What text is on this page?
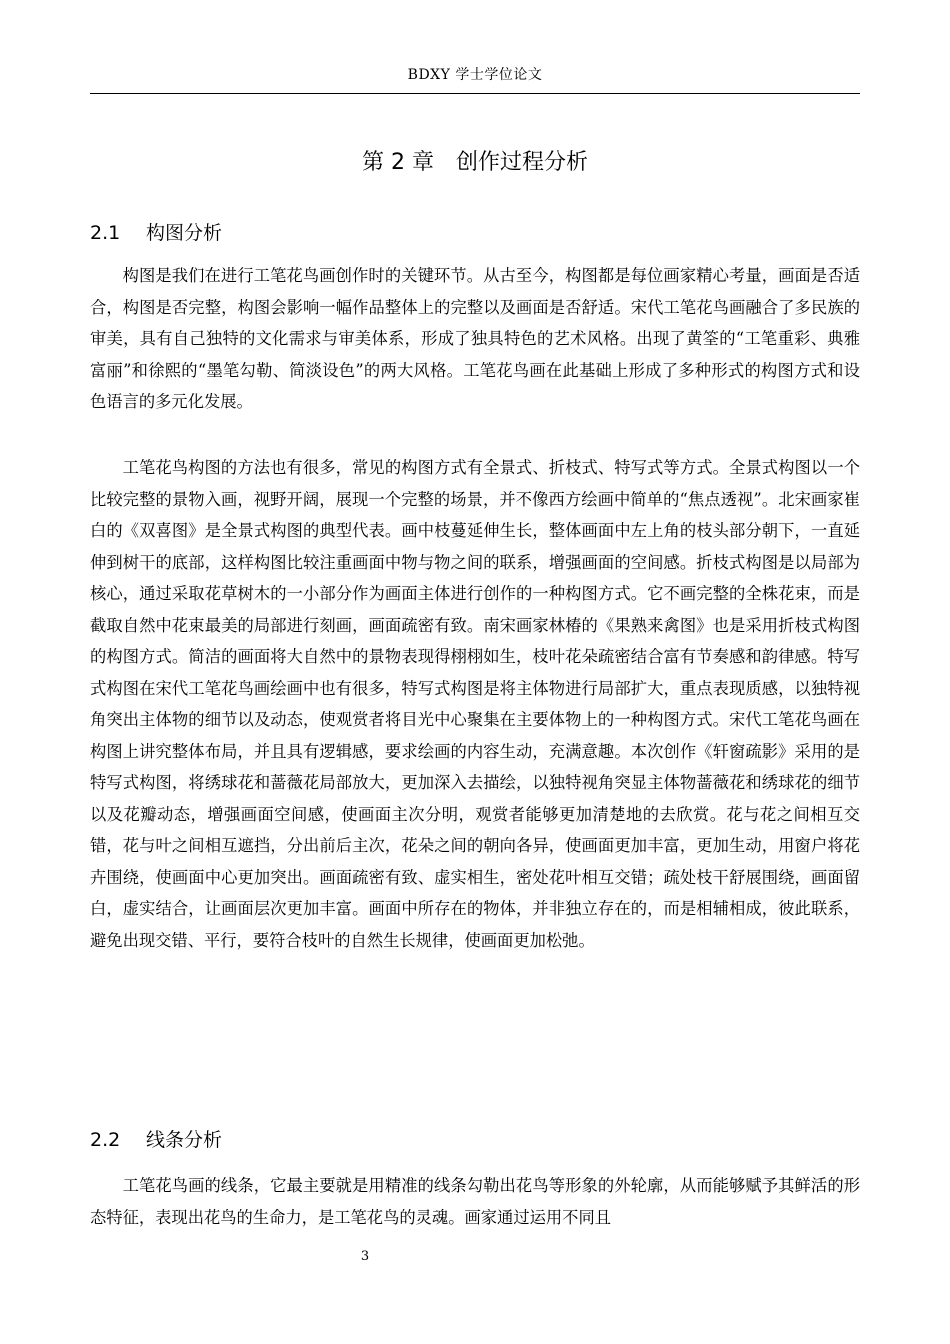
BDXY 学士学位论文
第 2 章　创作过程分析
2.1 构图分析

构图是我们在进行工笔花鸟画创作时的关键环节。从古至今，构图都是每位画家精心考量，画面是否适合，构图是否完整，构图会影响一幅作品整体上的完整以及画面是否舒适。宋代工笔花鸟画融合了多民族的审美，具有自己独特的文化需求与审美体系，形成了独具特色的艺术风格。出现了黄筌的“工笔重彩、典雅富丽”和徐熙的“墨笔勾勒、简淡设色”的两大风格。工笔花鸟画在此基础上形成了多种形式的构图方式和设色语言的多元化发展。

工笔花鸟构图的方法也有很多，常见的构图方式有全景式、折枝式、特写式等方式。全景式构图以一个比较完整的景物入画，视野开阔，展现一个完整的场景，并不像西方绘画中简单的“焦点透视”。北宋画家崔白的《双喜图》是全景式构图的典型代表。画中枝蔓延伸生长，整体画面中左上角的枝头部分朝下，一直延伸到树干的底部，这样构图比较注重画面中物与物之间的联系，增强画面的空间感。折枝式构图是以局部为核心，通过采取花草树木的一小部分作为画面主体进行创作的一种构图方式。它不画完整的全株花束，而是截取自然中花束最美的局部进行刻画，画面疏密有致。南宋画家林椿的《果熟来禽图》也是采用折枝式构图的构图方式。简洁的画面将大自然中的景物表现得栩栩如生，枝叶花朵疏密结合富有节奏感和韵律感。特写式构图在宋代工笔花鸟画绘画中也有很多，特写式构图是将主体物进行局部扩大，重点表现质感，以独特视角突出主体物的细节以及动态，使观赏者将目光中心聚集在主要体物上的一种构图方式。宋代工笔花鸟画在构图上讲究整体布局，并且具有逻辑感，要求绘画的内容生动，充满意趣。本次创作《轩窗疏影》采用的是特写式构图，将绣球花和蔷薇花局部放大，更加深入去描绘，以独特视角突显主体物蔷薇花和绣球花的细节以及花瓣动态，增强画面空间感，使画面主次分明，观赏者能够更加清楚地的去欣赏。花与花之间相互交错，花与叶之间相互遮挡，分出前后主次，花朵之间的朝向各异，使画面更加丰富，更加生动，用窗户将花卉围绕，使画面中心更加突出。画面疏密有致、虚实相生，密处花叶相互交错；疏处枝干舒展围绕，画面留白，虚实结合，让画面层次更加丰富。画面中所存在的物体，并非独立存在的，而是相辅相成，彼此联系，避免出现交错、平行，要符合枝叶的自然生长规律，使画面更加松弛。

2.2 线条分析

工笔花鸟画的线条，它最主要就是用精准的线条勾勒出花鸟等形象的外轮廓，从而能够赋予其鲜活的形态特征，表现出花鸟的生命力，是工笔花鸟的灵魂。画家通过运用不同且

3
